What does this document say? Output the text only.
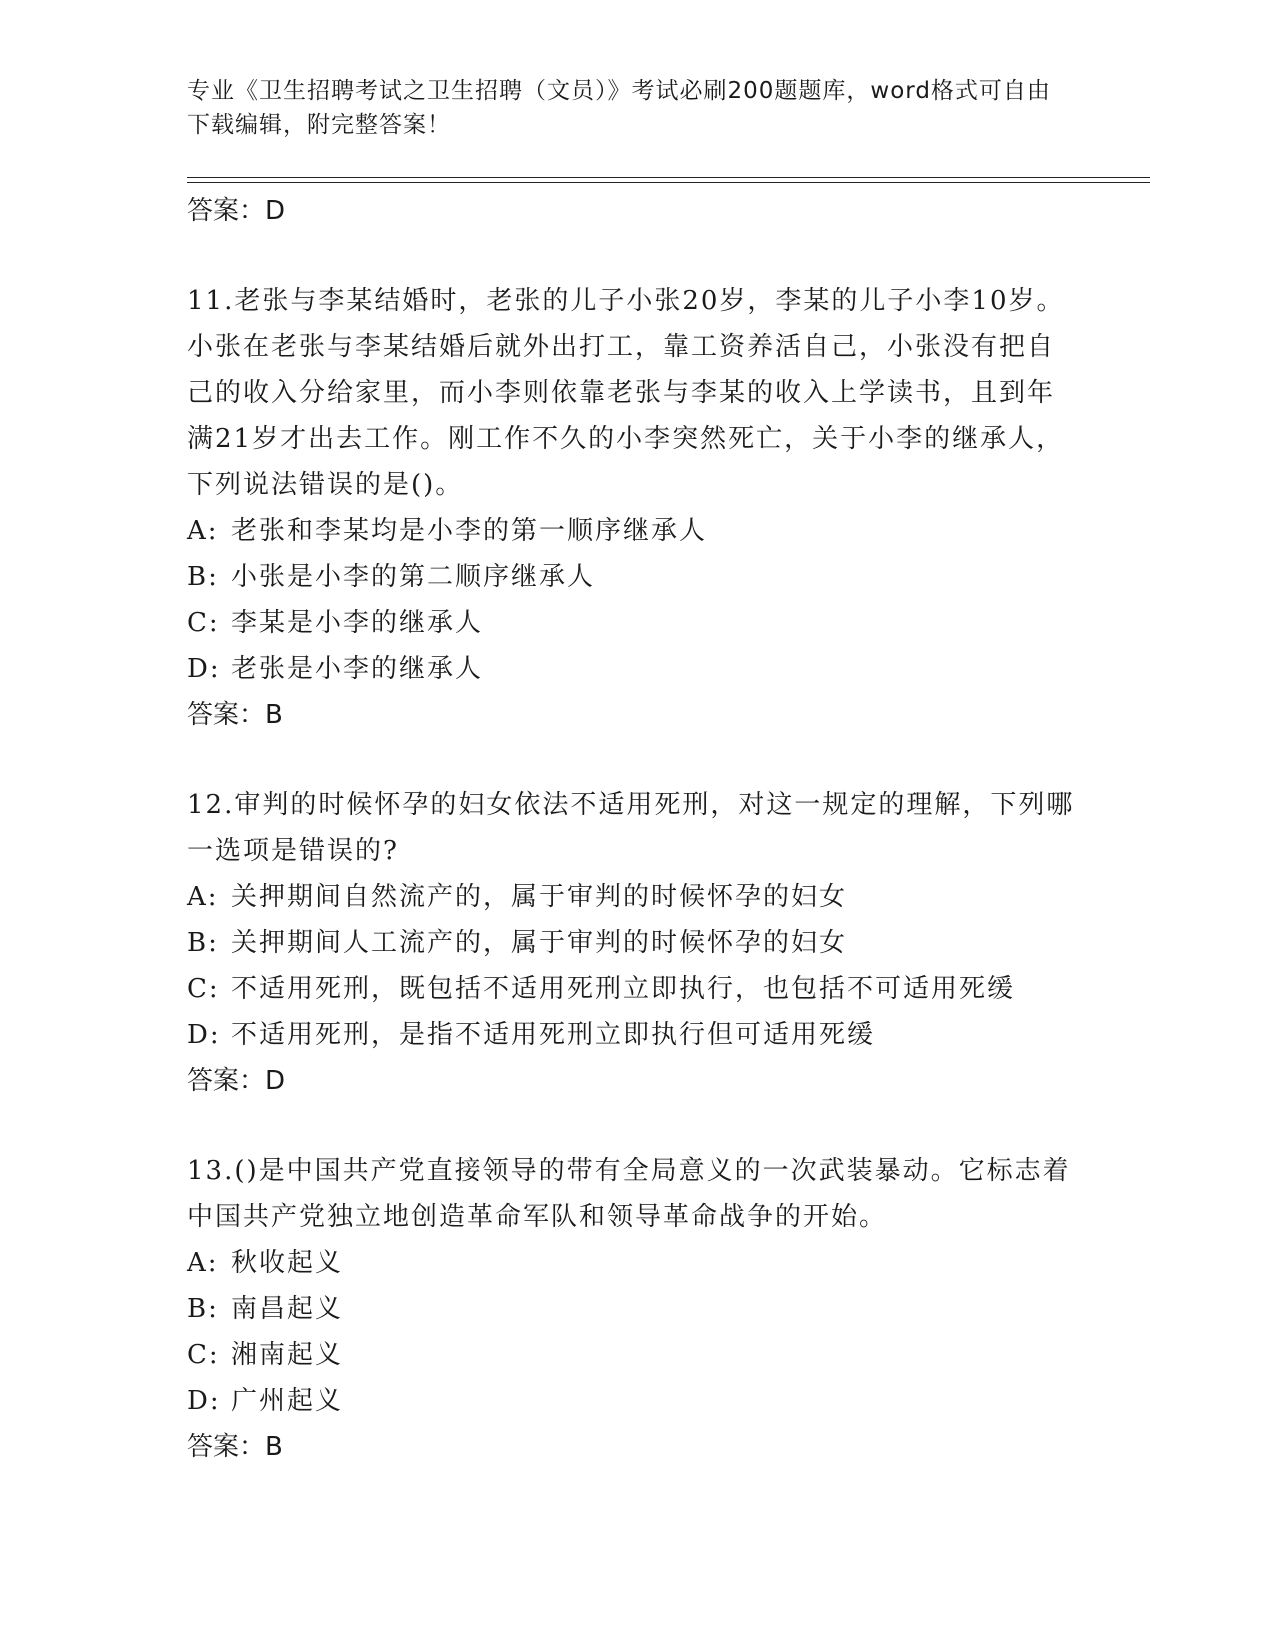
专业《卫生招聘考试之卫生招聘（文员）》考试必刷200题题库，word格式可自由下载编辑，附完整答案！
答案：D
11.老张与李某结婚时，老张的儿子小张20岁，李某的儿子小李10岁。小张在老张与李某结婚后就外出打工，靠工资养活自己，小张没有把自己的收入分给家里，而小李则依靠老张与李某的收入上学读书，且到年满21岁才出去工作。刚工作不久的小李突然死亡，关于小李的继承人，下列说法错误的是()。
A: 老张和李某均是小李的第一顺序继承人
B: 小张是小李的第二顺序继承人
C: 李某是小李的继承人
D: 老张是小李的继承人
答案：B
12.审判的时候怀孕的妇女依法不适用死刑，对这一规定的理解，下列哪一选项是错误的?
A: 关押期间自然流产的，属于审判的时候怀孕的妇女
B: 关押期间人工流产的，属于审判的时候怀孕的妇女
C: 不适用死刑，既包括不适用死刑立即执行，也包括不可适用死缓
D: 不适用死刑，是指不适用死刑立即执行但可适用死缓
答案：D
13.()是中国共产党直接领导的带有全局意义的一次武装暴动。它标志着中国共产党独立地创造革命军队和领导革命战争的开始。
A: 秋收起义
B: 南昌起义
C: 湘南起义
D: 广州起义
答案：B
